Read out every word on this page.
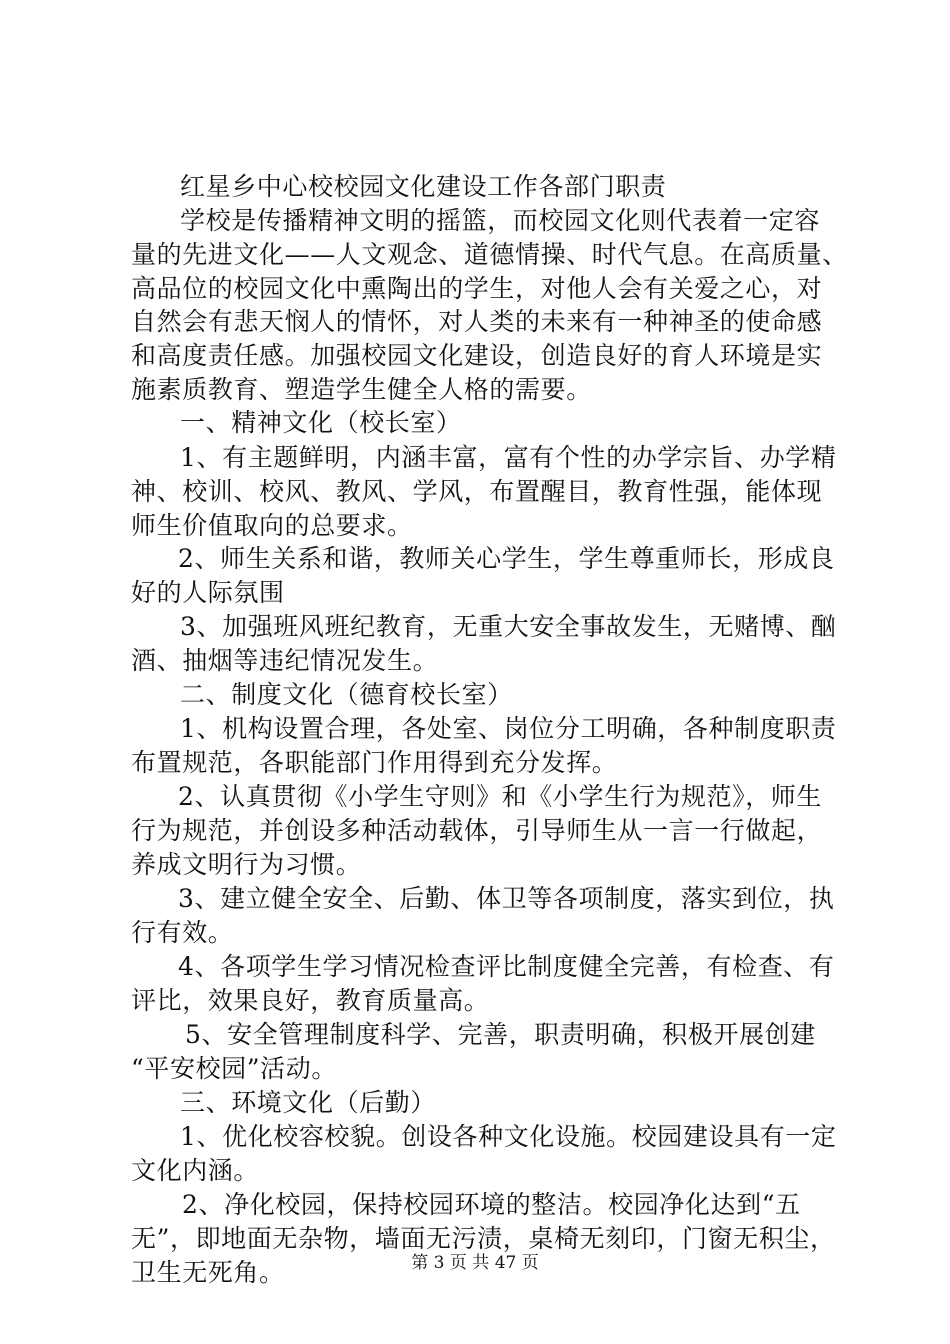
红星乡中心校校园文化建设工作各部门职责
学校是传播精神文明的摇篮，而校园文化则代表着一定容
量的先进文化——人文观念、道德情操、时代气息。在高质量、
高品位的校园文化中熏陶出的学生，对他人会有关爱之心，对
自然会有悲天悯人的情怀，对人类的未来有一种神圣的使命感
和高度责任感。加强校园文化建设，创造良好的育人环境是实
施素质教育、塑造学生健全人格的需要。
一、精神文化（校长室）
1、有主题鲜明，内涵丰富，富有个性的办学宗旨、办学精
神、校训、校风、教风、学风，布置醒目，教育性强，能体现
师生价值取向的总要求。
2、师生关系和谐，教师关心学生，学生尊重师长，形成良
好的人际氛围
3、加强班风班纪教育，无重大安全事故发生，无赌博、酗
酒、抽烟等违纪情况发生。
二、制度文化（德育校长室）
1、机构设置合理，各处室、岗位分工明确，各种制度职责
布置规范，各职能部门作用得到充分发挥。
2、认真贯彻《小学生守则》和《小学生行为规范》，师生
行为规范，并创设多种活动载体，引导师生从一言一行做起，
养成文明行为习惯。
3、建立健全安全、后勤、体卫等各项制度，落实到位，执
行有效。
4、各项学生学习情况检查评比制度健全完善，有检查、有
评比，效果良好，教育质量高。
5、安全管理制度科学、完善，职责明确，积极开展创建
“平安校园”活动。
三、环境文化（后勤）
1、优化校容校貌。创设各种文化设施。校园建设具有一定
文化内涵。
2、净化校园，保持校园环境的整洁。校园净化达到“五
无”，即地面无杂物，墙面无污渍，桌椅无刻印，门窗无积尘，
卫生无死角。	第 3 页 共 47 页
